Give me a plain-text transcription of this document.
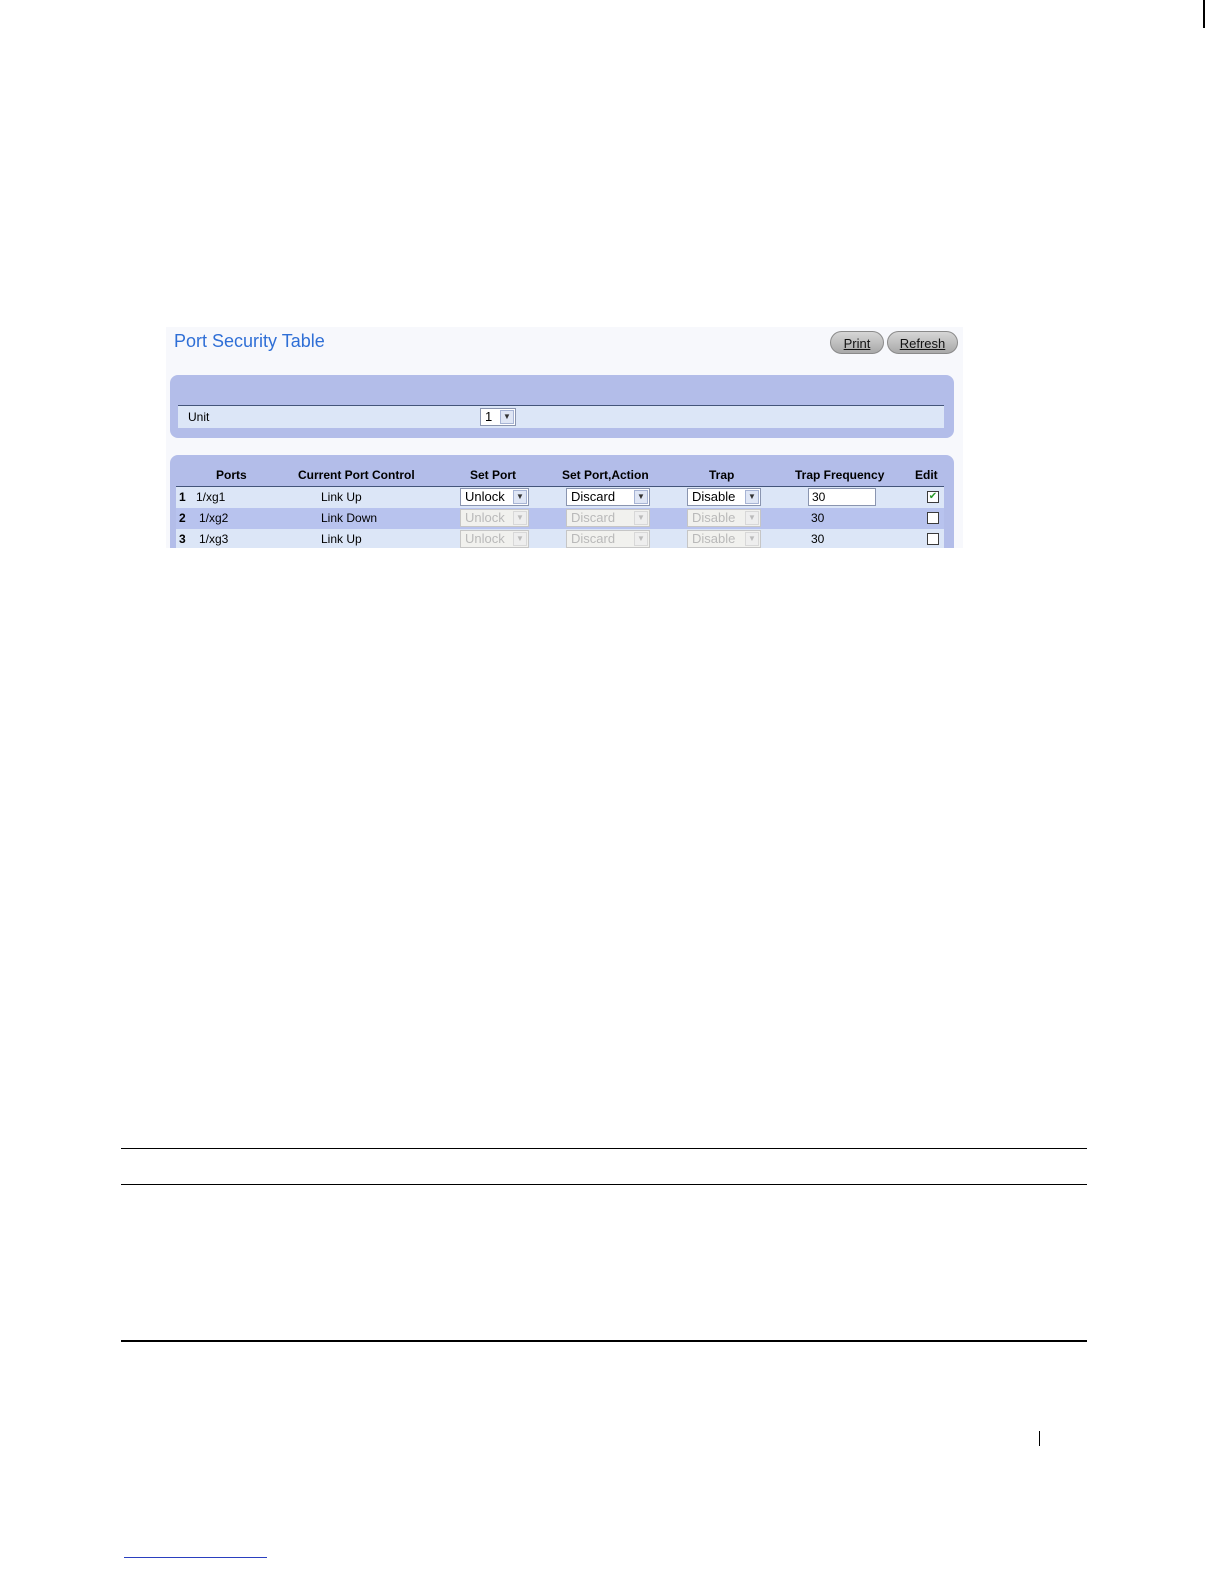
Port Security Table	Print	Refresh
Unit	1	▼
Ports	Current Port Control	Set Port	Set Port,Action	Trap	Trap Frequency	Edit
1 1/xg1	Link Up	Unlock	▼	Discard	▼	Disable	▼	30	✔
2 1/xg2	Link Down	Unlock	▼	Discard	▼	Disable	▼	30
3 1/xg3	Link Up	Unlock	▼	Discard	▼	Disable	▼	30
